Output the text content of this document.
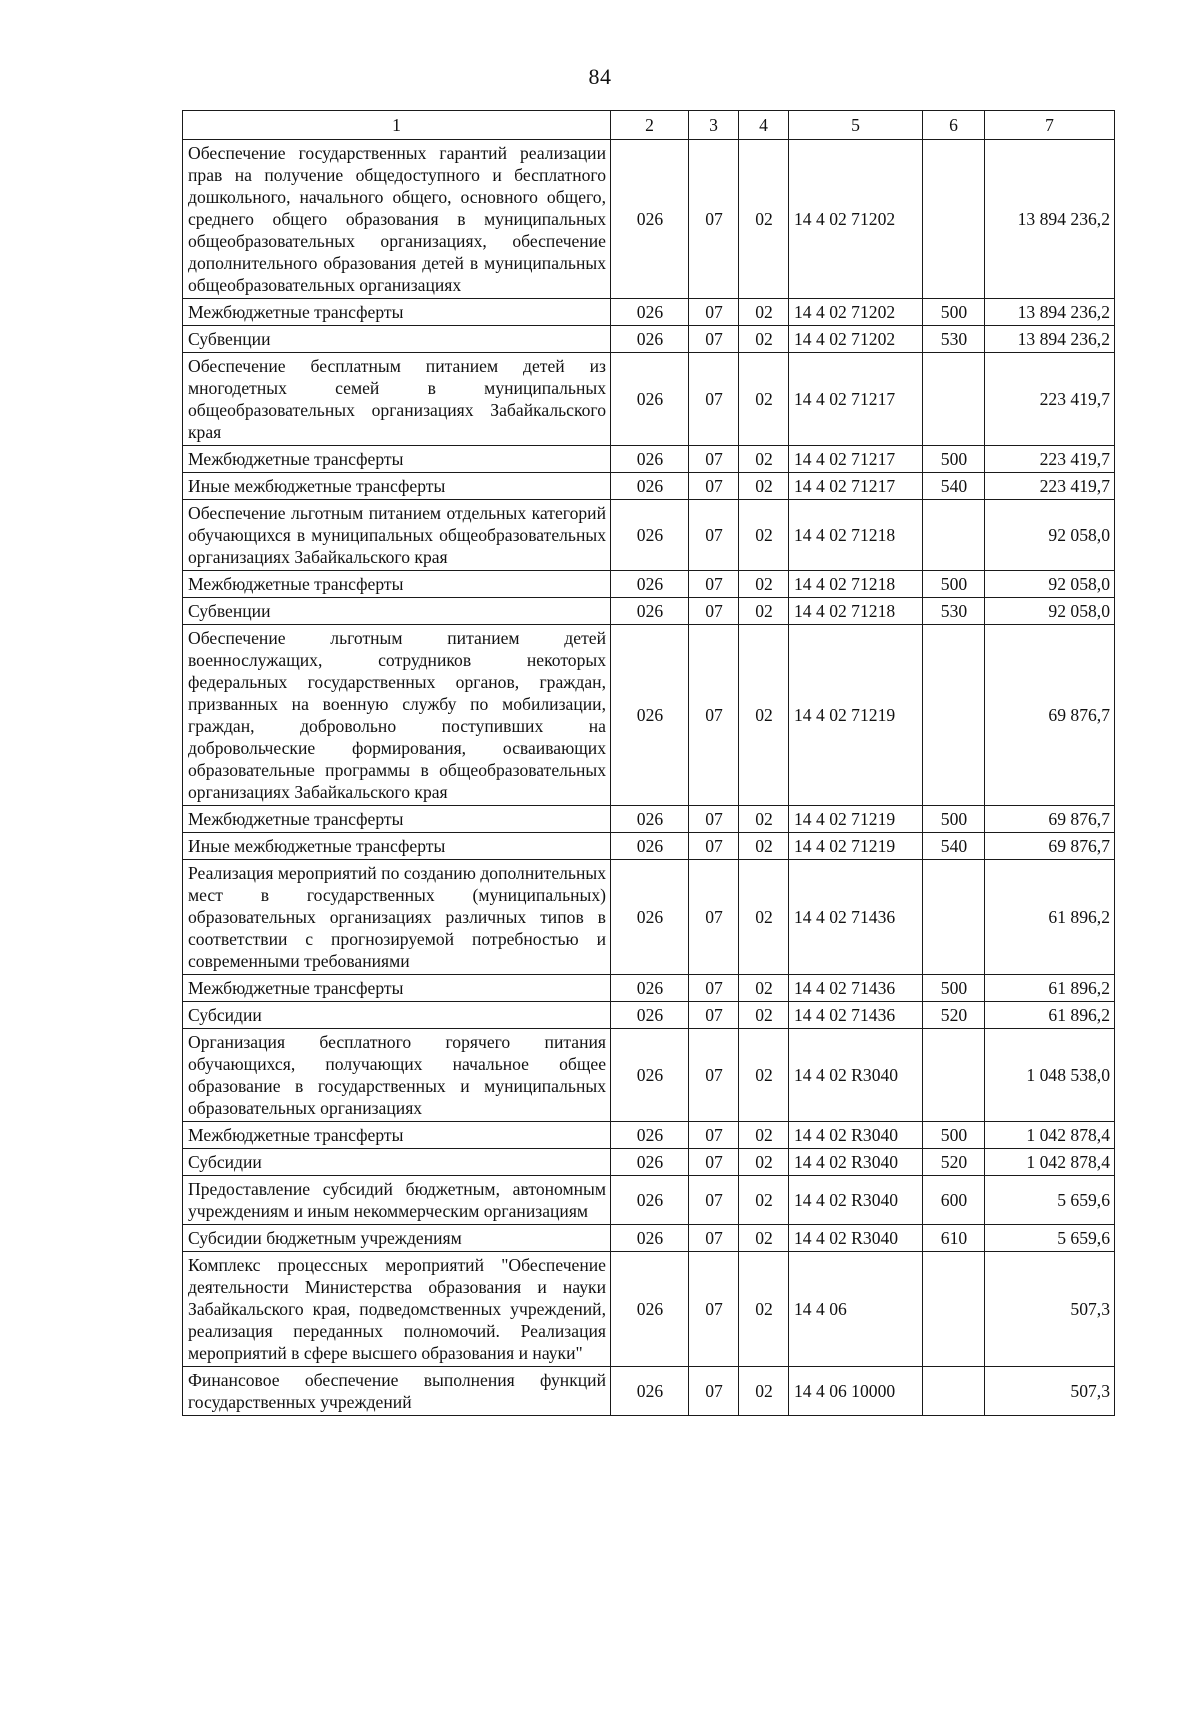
84
1	2	3	4	5	6	7
Обеспечение государственных гарантий реализации прав на получение общедоступного и бесплатного дошкольного, начального общего, основного общего, среднего общего образования в муниципальных общеобразовательных организациях, обеспечение дополнительного образования детей в муниципальных общеобразовательных организациях	026	07	02	14 4 02 71202		13 894 236,2
Межбюджетные трансферты	026	07	02	14 4 02 71202	500	13 894 236,2
Субвенции	026	07	02	14 4 02 71202	530	13 894 236,2
Обеспечение бесплатным питанием детей из многодетных семей в муниципальных общеобразовательных организациях Забайкальского края	026	07	02	14 4 02 71217		223 419,7
Межбюджетные трансферты	026	07	02	14 4 02 71217	500	223 419,7
Иные межбюджетные трансферты	026	07	02	14 4 02 71217	540	223 419,7
Обеспечение льготным питанием отдельных категорий обучающихся в муниципальных общеобразовательных организациях Забайкальского края	026	07	02	14 4 02 71218		92 058,0
Межбюджетные трансферты	026	07	02	14 4 02 71218	500	92 058,0
Субвенции	026	07	02	14 4 02 71218	530	92 058,0
Обеспечение льготным питанием детей военнослужащих, сотрудников некоторых федеральных государственных органов, граждан, призванных на военную службу по мобилизации, граждан, добровольно поступивших на добровольческие формирования, осваивающих образовательные программы в общеобразовательных организациях Забайкальского края	026	07	02	14 4 02 71219		69 876,7
Межбюджетные трансферты	026	07	02	14 4 02 71219	500	69 876,7
Иные межбюджетные трансферты	026	07	02	14 4 02 71219	540	69 876,7
Реализация мероприятий по созданию дополнительных мест в государственных (муниципальных) образовательных организациях различных типов в соответствии с прогнозируемой потребностью и современными требованиями	026	07	02	14 4 02 71436		61 896,2
Межбюджетные трансферты	026	07	02	14 4 02 71436	500	61 896,2
Субсидии	026	07	02	14 4 02 71436	520	61 896,2
Организация бесплатного горячего питания обучающихся, получающих начальное общее образование в государственных и муниципальных образовательных организациях	026	07	02	14 4 02 R3040		1 048 538,0
Межбюджетные трансферты	026	07	02	14 4 02 R3040	500	1 042 878,4
Субсидии	026	07	02	14 4 02 R3040	520	1 042 878,4
Предоставление субсидий бюджетным, автономным учреждениям и иным некоммерческим организациям	026	07	02	14 4 02 R3040	600	5 659,6
Субсидии бюджетным учреждениям	026	07	02	14 4 02 R3040	610	5 659,6
Комплекс процессных мероприятий "Обеспечение деятельности Министерства образования и науки Забайкальского края, подведомственных учреждений, реализация переданных полномочий. Реализация мероприятий в сфере высшего образования и науки"	026	07	02	14 4 06		507,3
Финансовое обеспечение выполнения функций государственных учреждений	026	07	02	14 4 06 10000		507,3
